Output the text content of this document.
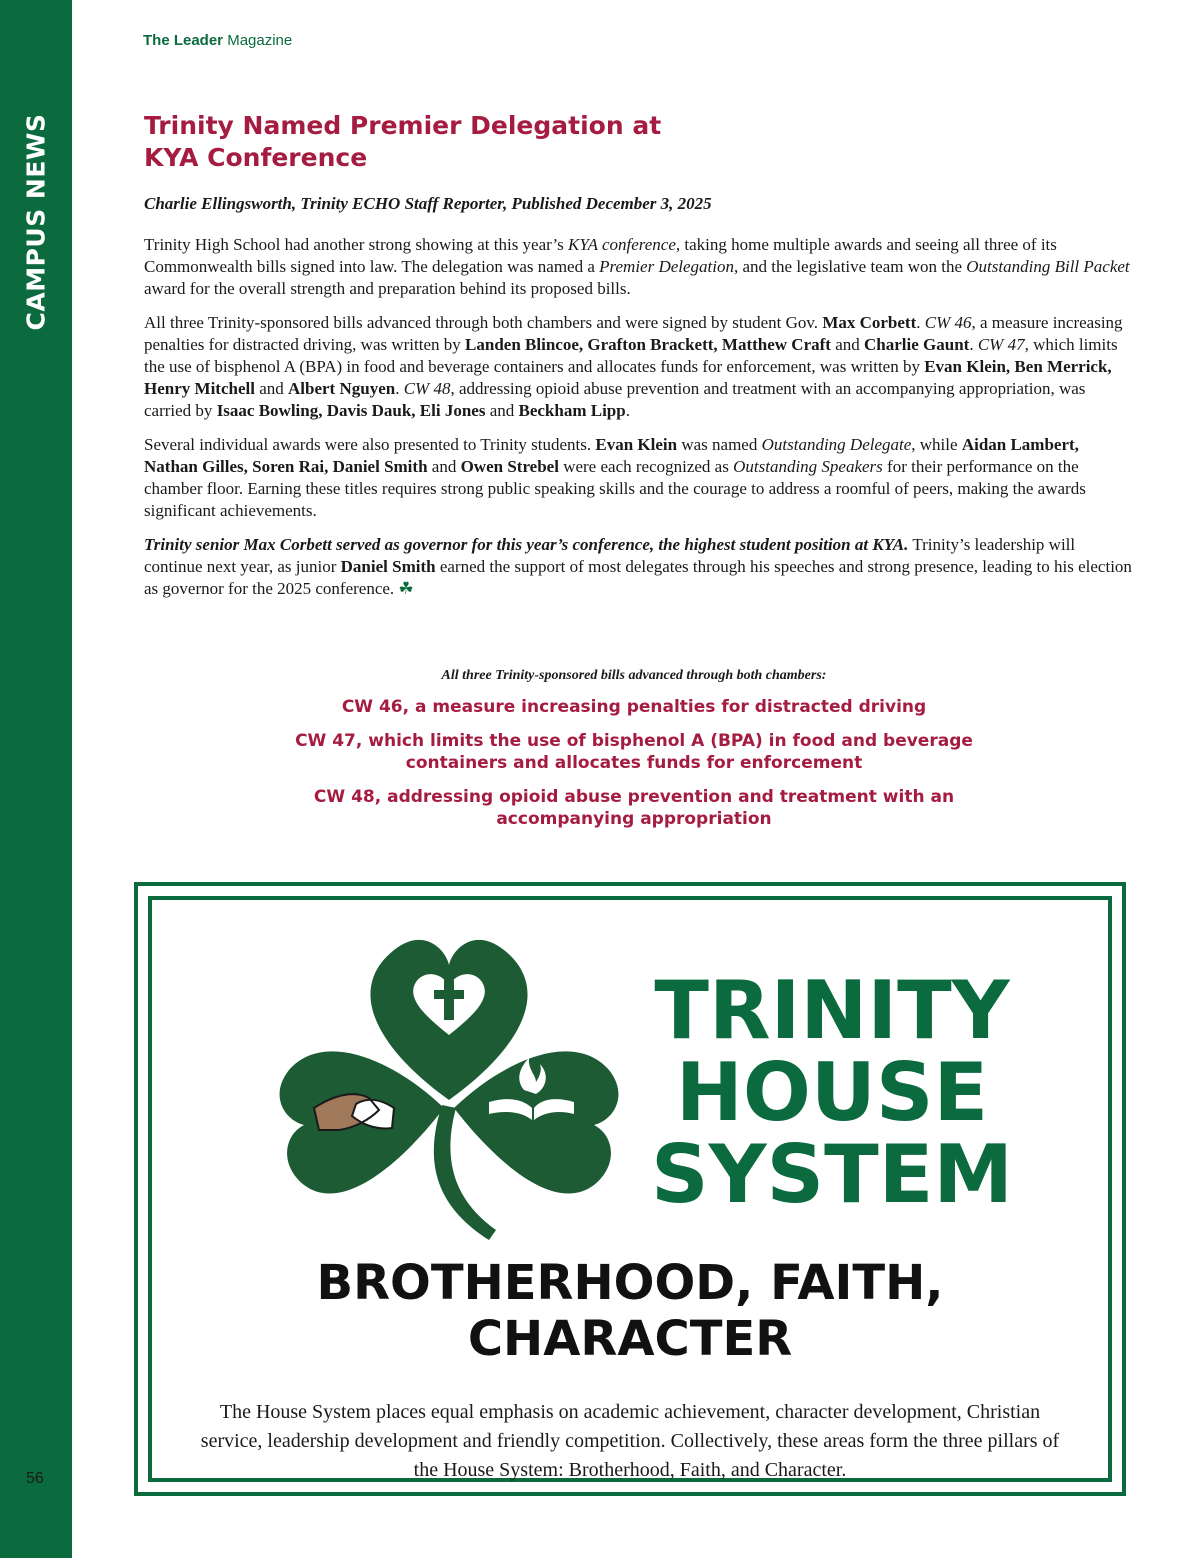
CAMPUS NEWS
56
The Leader Magazine
Trinity Named Premier Delegation at
KYA Conference

Charlie Ellingsworth, Trinity ECHO Staff Reporter, Published December 3, 2025

Trinity High School had another strong showing at this year’s KYA conference, taking home multiple awards and seeing all three of its Commonwealth bills signed into law. The delegation was named a Premier Delegation, and the legislative team won the Outstanding Bill Packet award for the overall strength and preparation behind its proposed bills.

All three Trinity-sponsored bills advanced through both chambers and were signed by student Gov. Max Corbett. CW 46, a measure increasing penalties for distracted driving, was written by Landen Blincoe, Grafton Brackett, Matthew Craft and Charlie Gaunt. CW 47, which limits the use of bisphenol A (BPA) in food and beverage containers and allocates funds for enforcement, was written by Evan Klein, Ben Merrick, Henry Mitchell and Albert Nguyen. CW 48, addressing opioid abuse prevention and treatment with an accompanying appropriation, was carried by Isaac Bowling, Davis Dauk, Eli Jones and Beckham Lipp.

Several individual awards were also presented to Trinity students. Evan Klein was named Outstanding Delegate, while Aidan Lambert, Nathan Gilles, Soren Rai, Daniel Smith and Owen Strebel were each recognized as Outstanding Speakers for their performance on the chamber floor. Earning these titles requires strong public speaking skills and the courage to address a roomful of peers, making the awards significant achievements.

Trinity senior Max Corbett served as governor for this year’s conference, the highest student position at KYA. Trinity’s leadership will continue next year, as junior Daniel Smith earned the support of most delegates through his speeches and strong presence, leading to his election as governor for the 2025 conference. ☘

All three Trinity-sponsored bills advanced through both chambers:

CW 46, a measure increasing penalties for distracted driving

CW 47, which limits the use of bisphenol A (BPA) in food and beverage containers and allocates funds for enforcement

CW 48, addressing opioid abuse prevention and treatment with an accompanying appropriation

TRINITY
HOUSE
SYSTEM
BROTHERHOOD, FAITH,
CHARACTER

The House System places equal emphasis on academic achievement, character development, Christian service, leadership development and friendly competition. Collectively, these areas form the three pillars of the House System: Brotherhood, Faith, and Character.
